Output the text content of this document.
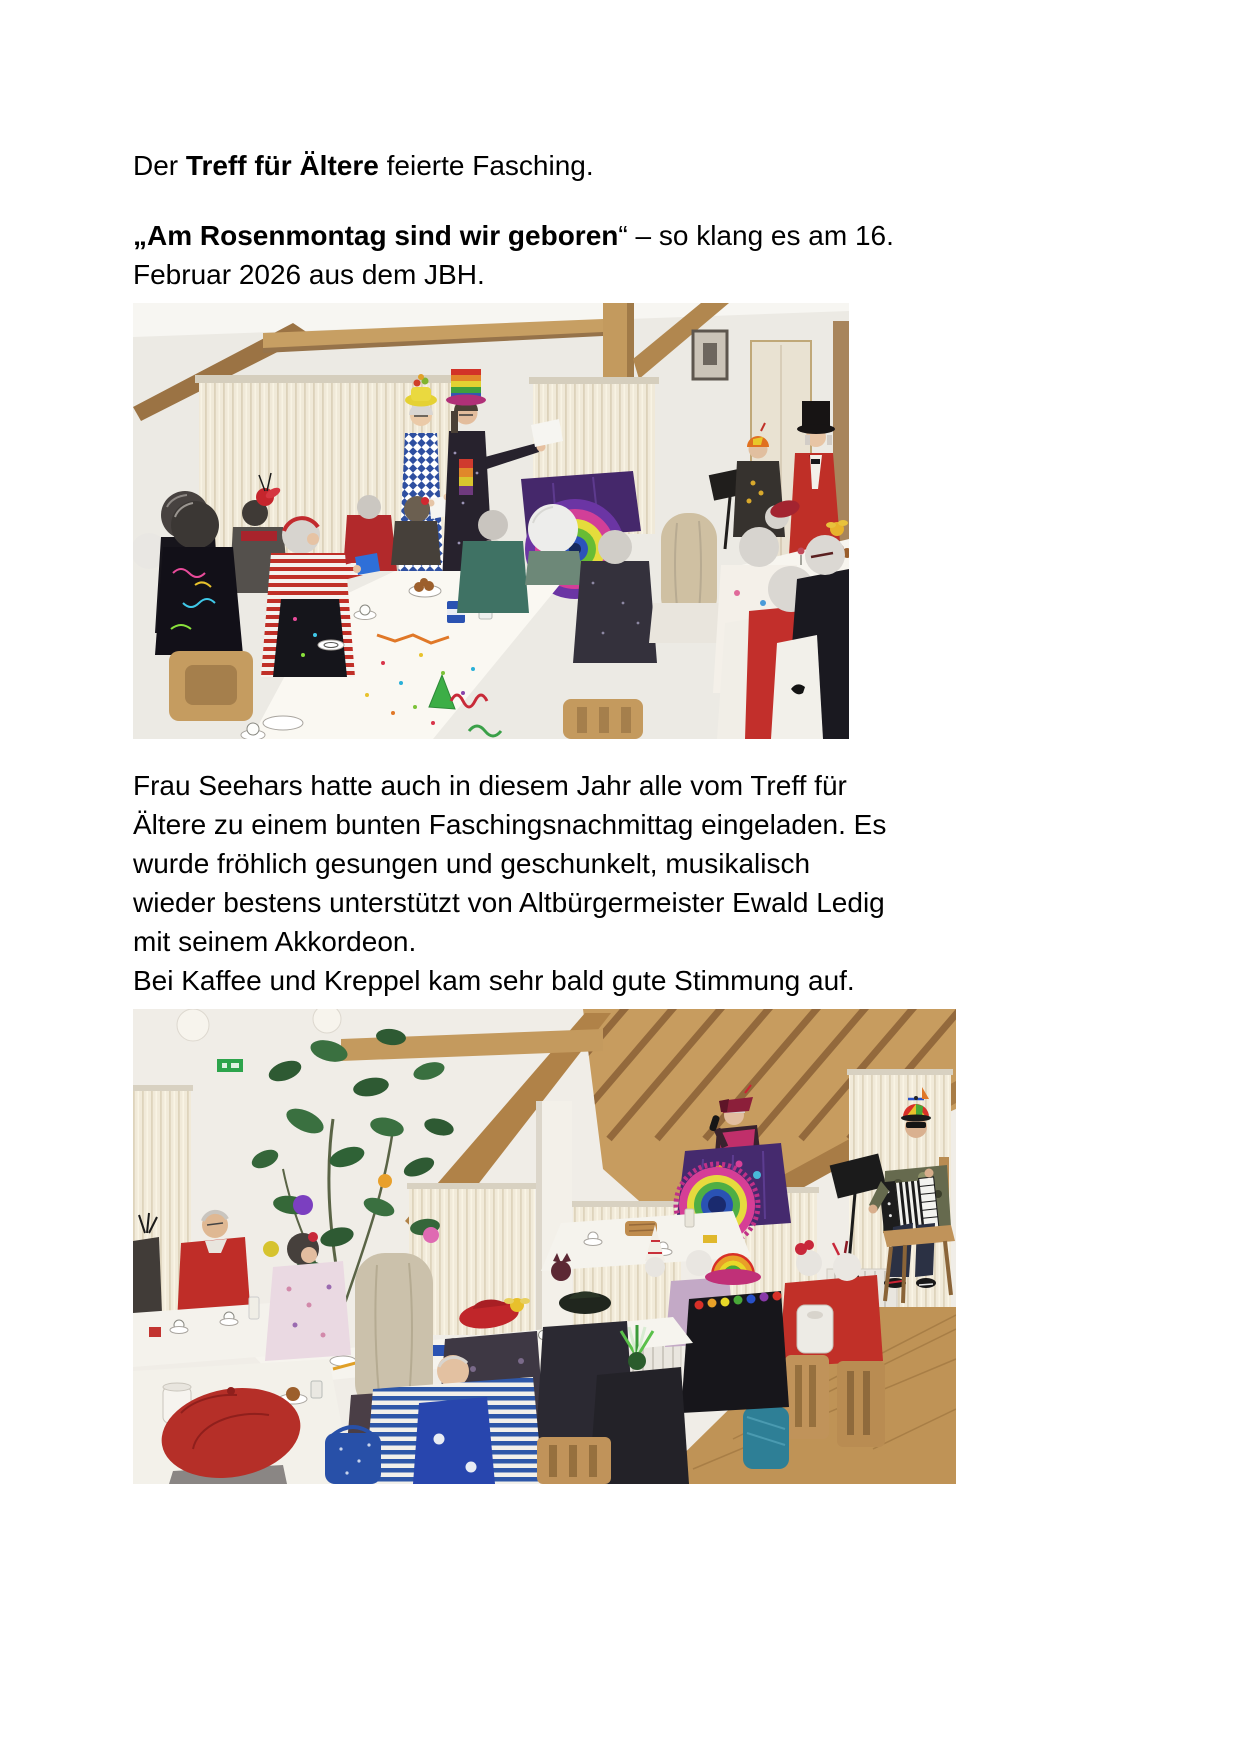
Der Treff für Ältere feierte Fasching.

„Am Rosenmontag sind wir geboren“ – so klang es am 16.
Februar 2026 aus dem JBH.

Frau Seehars hatte auch in diesem Jahr alle vom Treff für
Ältere zu einem bunten Faschingsnachmittag eingeladen. Es
wurde fröhlich gesungen und geschunkelt, musikalisch
wieder bestens unterstützt von Altbürgermeister Ewald Ledig
mit seinem Akkordeon.
Bei Kaffee und Kreppel kam sehr bald gute Stimmung auf.
